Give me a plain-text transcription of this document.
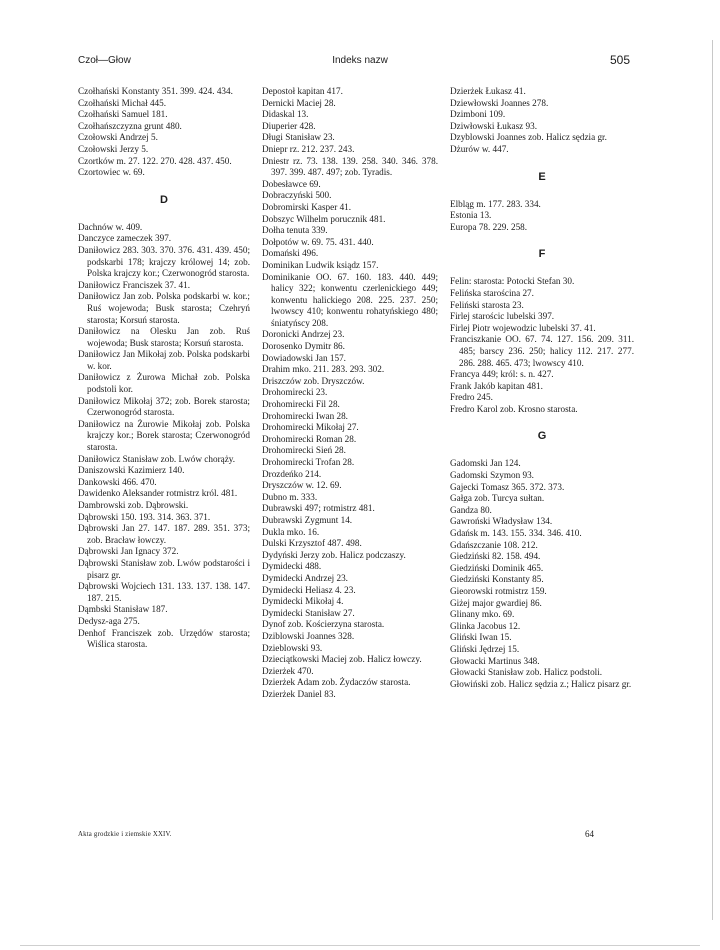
Czoł—Głow	Indeks nazw	505
Czołhański Konstanty 351. 399. 424. 434.
Czołhański Michał 445.
Czołhański Samuel 181.
Czołhańszczyzna grunt 480.
Czołowski Andrzej 5.
Czołowski Jerzy 5.
Czortków m. 27. 122. 270. 428. 437. 450.
Czortowiec w. 69.
D
Dachnów w. 409.
Danczyce zameczek 397.
Daniłowicz 283. 303. 370. 376. 431. 439. 450; podskarbi 178; krajczy królowej 14; zob. Polska krajczy kor.; Czerwonogród starosta.
Daniłowicz Franciszek 37. 41.
Daniłowicz Jan zob. Polska podskarbi w. kor.; Ruś wojewoda; Busk starosta; Czehryń starosta; Korsuń starosta.
Daniłowicz na Olesku Jan zob. Ruś wojewoda; Busk starosta; Korsuń starosta.
Daniłowicz Jan Mikołaj zob. Polska podskarbi w. kor.
Daniłowicz z Żurowa Michał zob. Polska podstoli kor.
Daniłowicz Mikołaj 372; zob. Borek starosta; Czerwonogród starosta.
Daniłowicz na Żurowie Mikołaj zob. Polska krajczy kor.; Borek starosta; Czerwonogród starosta.
Daniłowicz Stanisław zob. Lwów chorąży.
Daniszowski Kazimierz 140.
Dankowski 466. 470.
Dawidenko Aleksander rotmistrz król. 481.
Dambrowski zob. Dąbrowski.
Dąbrowski 150. 193. 314. 363. 371.
Dąbrowski Jan 27. 147. 187. 289. 351. 373; zob. Bracław łowczy.
Dąbrowski Jan Ignacy 372.
Dąbrowski Stanisław zob. Lwów podstarości i pisarz gr.
Dąbrowski Wojciech 131. 133. 137. 138. 147. 187. 215.
Dąmbski Stanisław 187.
Dedysz-aga 275.
Denhof Franciszek zob. Urzędów starosta; Wiślica starosta.
Depostoł kapitan 417.
Dernicki Maciej 28.
Didaskal 13.
Diuperier 428.
Długi Stanisław 23.
Dniepr rz. 212. 237. 243.
Dniestr rz. 73. 138. 139. 258. 340. 346. 378. 397. 399. 487. 497; zob. Tyradis.
Dobesławce 69.
Dobraczyński 500.
Dobromirski Kasper 41.
Dobszyc Wilhelm porucznik 481.
Dołha tenuta 339.
Dołpotów w. 69. 75. 431. 440.
Domański 496.
Dominikan Ludwik ksiądz 157.
Dominikanie OO. 67. 160. 183. 440. 449; halicy 322; konwentu czerlenickiego 449; konwentu halickiego 208. 225. 237. 250; lwowscy 410; konwentu rohatyńskiego 480; śniatyńscy 208.
Doronicki Andrzej 23.
Dorosenko Dymitr 86.
Dowiadowski Jan 157.
Drahim mko. 211. 283. 293. 302.
Driszczów zob. Dryszczów.
Drohomirecki 23.
Drohomirecki Fil 28.
Drohomirecki Iwan 28.
Drohomirecki Mikołaj 27.
Drohomirecki Roman 28.
Drohomirecki Sień 28.
Drohomirecki Trofan 28.
Drozdeńko 214.
Dryszczów w. 12. 69.
Dubno m. 333.
Dubrawski 497; rotmistrz 481.
Dubrawski Zygmunt 14.
Dukla mko. 16.
Dulski Krzysztof 487. 498.
Dydyński Jerzy zob. Halicz podczaszy.
Dymidecki 488.
Dymidecki Andrzej 23.
Dymidecki Heliasz 4. 23.
Dymidecki Mikołaj 4.
Dymidecki Stanisław 27.
Dynof zob. Kościerzyna starosta.
Dziblowski Joannes 328.
Dzieblowski 93.
Dzieciątkowski Maciej zob. Halicz łowczy.
Dzierżek 470.
Dzierżek Adam zob. Żydaczów starosta.
Dzierżek Daniel 83.
Dzierżek Łukasz 41.
Dziewłowski Joannes 278.
Dzimboni 109.
Dziwłowski Łukasz 93.
Dzyblowski Joannes zob. Halicz sędzia gr.
Dżurów w. 447.
E
Elbląg m. 177. 283. 334.
Estonia 13.
Europa 78. 229. 258.
F
Felin: starosta: Potocki Stefan 30.
Felińska starościna 27.
Feliński starosta 23.
Firlej starościc lubelski 397.
Firlej Piotr wojewodzic lubelski 37. 41.
Franciszkanie OO. 67. 74. 127. 156. 209. 311. 485; barscy 236. 250; halicy 112. 217. 277. 286. 288. 465. 473; lwowscy 410.
Francya 449; król: s. n. 427.
Frank Jakób kapitan 481.
Fredro 245.
Fredro Karol zob. Krosno starosta.
G
Gadomski Jan 124.
Gadomski Szymon 93.
Gajecki Tomasz 365. 372. 373.
Gałga zob. Turcya sułtan.
Gandza 80.
Gawroński Władysław 134.
Gdańsk m. 143. 155. 334. 346. 410.
Gdańszczanie 108. 212.
Giedziński 82. 158. 494.
Giedziński Dominik 465.
Giedziński Konstanty 85.
Gieorowski rotmistrz 159.
Giżej major gwardiej 86.
Glinany mko. 69.
Glinka Jacobus 12.
Gliński Iwan 15.
Gliński Jędrzej 15.
Głowacki Martinus 348.
Głowacki Stanisław zob. Halicz podstoli.
Głowiński zob. Halicz sędzia z.; Halicz pisarz gr.
Akta grodzkie i ziemskie XXIV.	64
